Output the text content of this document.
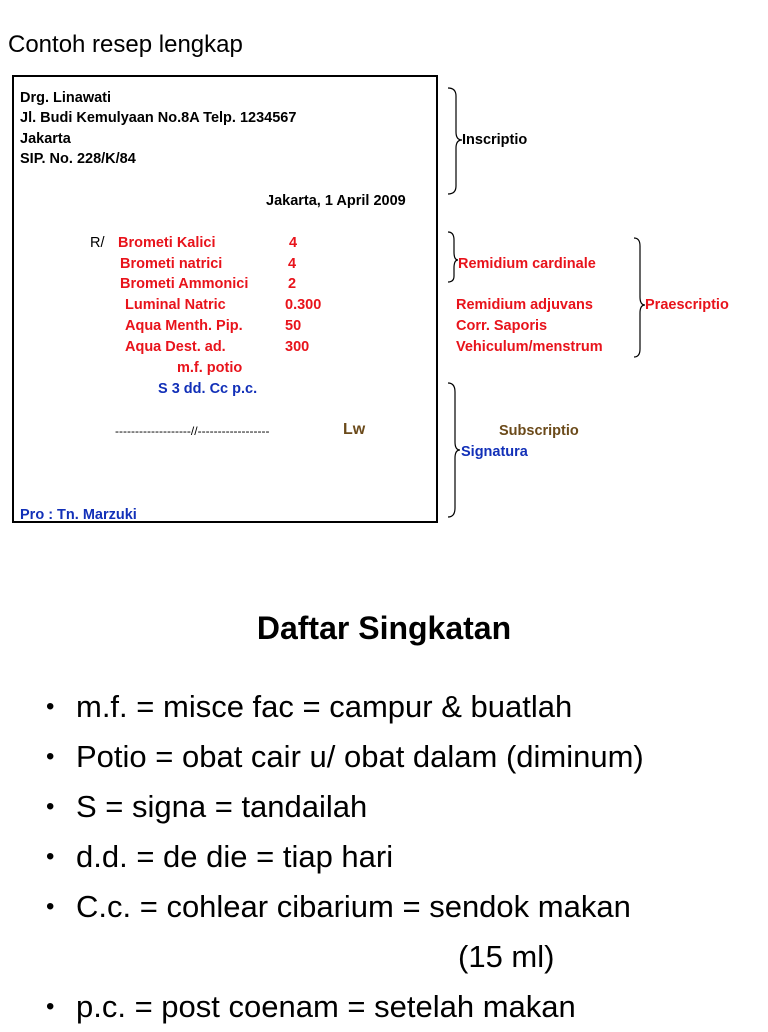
Contoh resep lengkap
Drg. Linawati
Jl. Budi Kemulyaan No.8A Telp. 1234567
Jakarta
SIP. No. 228/K/84
Jakarta, 1 April 2009
R/ Brometi Kalici	4
Brometi natrici	4
Brometi Ammonici	2
Luminal Natric	0.300
Aqua Menth. Pip.	50
Aqua Dest. ad.	300
m.f. potio
S 3 dd. Cc p.c.
-------------------//------------------	Lw
Pro : Tn. Marzuki
Inscriptio
Remidium cardinale
Remidium adjuvans
Corr. Saporis
Vehiculum/menstrum
Praescriptio
Subscriptio
Signatura
Daftar Singkatan
• m.f. = misce fac = campur & buatlah
• Potio = obat cair u/ obat dalam (diminum)
• S = signa = tandailah
• d.d. = de die = tiap hari
• C.c. = cohlear cibarium = sendok makan
• p.c. = post coenam = setelah makan
(15 ml)
